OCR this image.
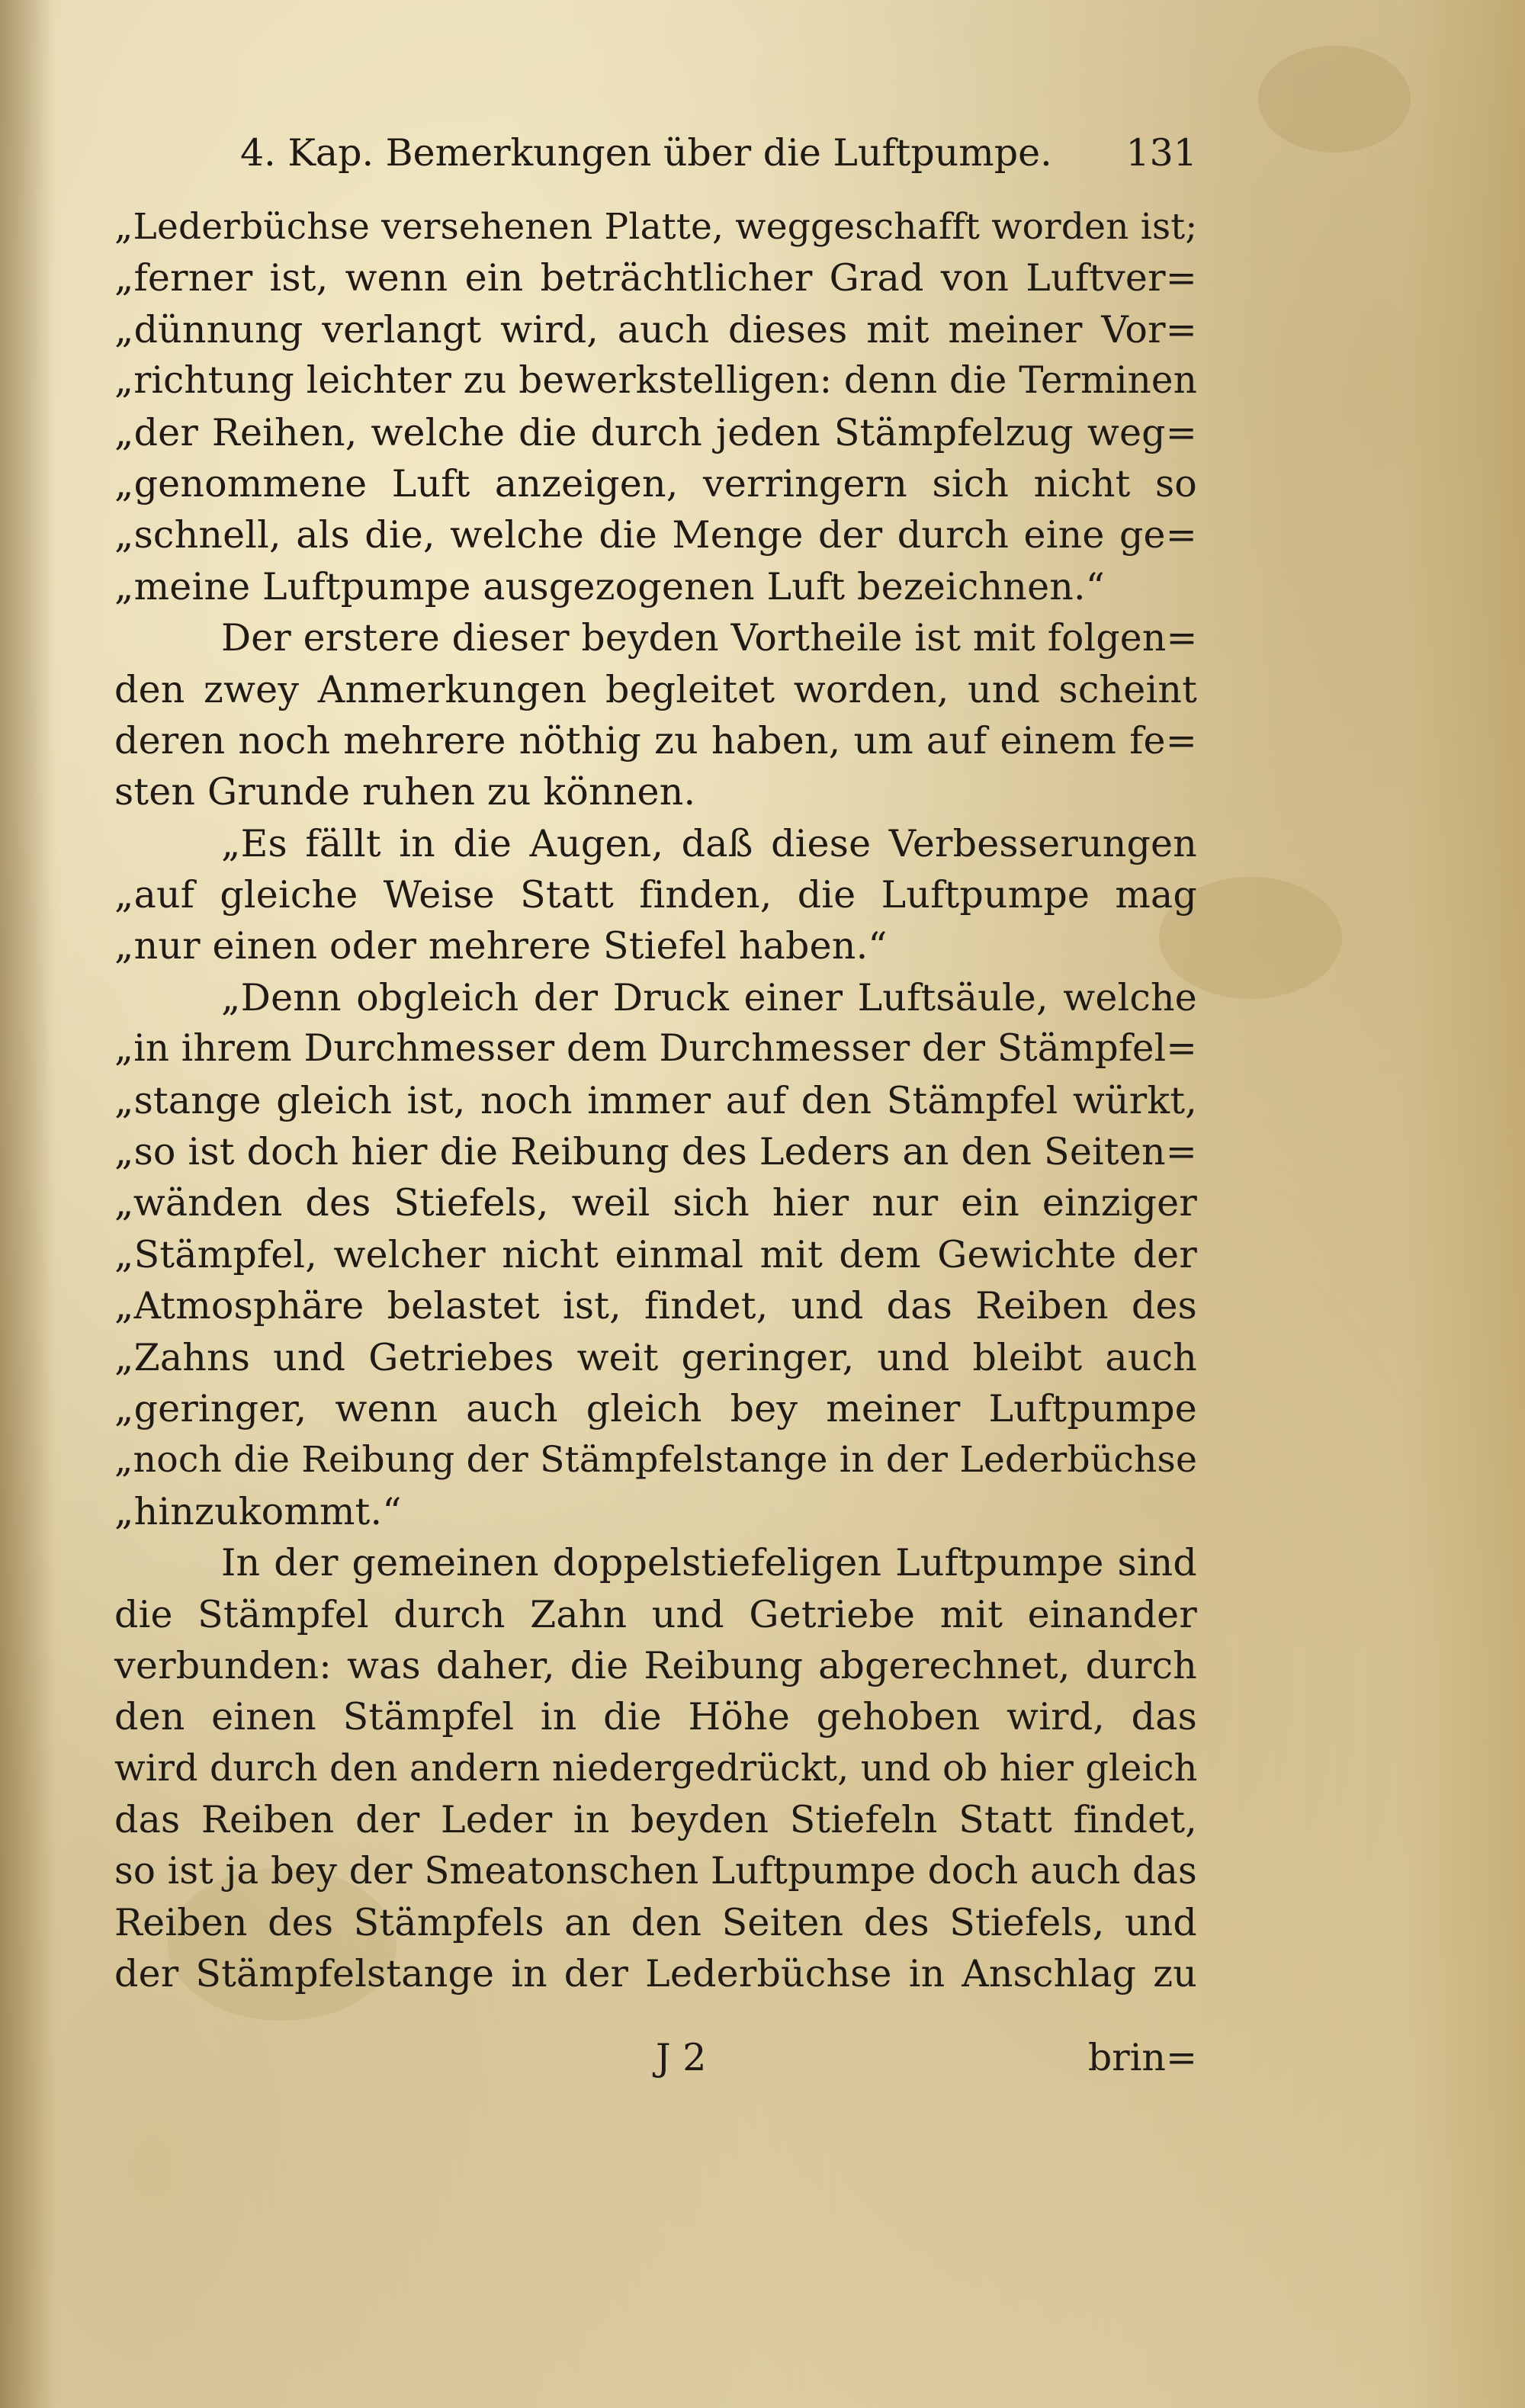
4. Kap. Bemerkungen über die Luftpumpe. 131
„Lederbüchse versehenen Platte, weggeschafft worden ist;
„ferner ist, wenn ein beträchtlicher Grad von Luftver=
„dünnung verlangt wird, auch dieses mit meiner Vor=
„richtung leichter zu bewerkstelligen: denn die Terminen
„der Reihen, welche die durch jeden Stämpfelzug weg=
„genommene Luft anzeigen, verringern sich nicht so
„schnell, als die, welche die Menge der durch eine ge=
„meine Luftpumpe ausgezogenen Luft bezeichnen.“
Der erstere dieser beyden Vortheile ist mit folgen=
den zwey Anmerkungen begleitet worden, und scheint
deren noch mehrere nöthig zu haben, um auf einem fe=
sten Grunde ruhen zu können.
„Es fällt in die Augen, daß diese Verbesserungen
„auf gleiche Weise Statt finden, die Luftpumpe mag
„nur einen oder mehrere Stiefel haben.“
„Denn obgleich der Druck einer Luftsäule, welche
„in ihrem Durchmesser dem Durchmesser der Stämpfel=
„stange gleich ist, noch immer auf den Stämpfel würkt,
„so ist doch hier die Reibung des Leders an den Seiten=
„wänden des Stiefels, weil sich hier nur ein einziger
„Stämpfel, welcher nicht einmal mit dem Gewichte der
„Atmosphäre belastet ist, findet, und das Reiben des
„Zahns und Getriebes weit geringer, und bleibt auch
„geringer, wenn auch gleich bey meiner Luftpumpe
„noch die Reibung der Stämpfelstange in der Lederbüchse
„hinzukommt.“
In der gemeinen doppelstiefeligen Luftpumpe sind
die Stämpfel durch Zahn und Getriebe mit einander
verbunden: was daher, die Reibung abgerechnet, durch
den einen Stämpfel in die Höhe gehoben wird, das
wird durch den andern niedergedrückt, und ob hier gleich
das Reiben der Leder in beyden Stiefeln Statt findet,
so ist ja bey der Smeatonschen Luftpumpe doch auch das
Reiben des Stämpfels an den Seiten des Stiefels, und
der Stämpfelstange in der Lederbüchse in Anschlag zu
J 2	brin=
